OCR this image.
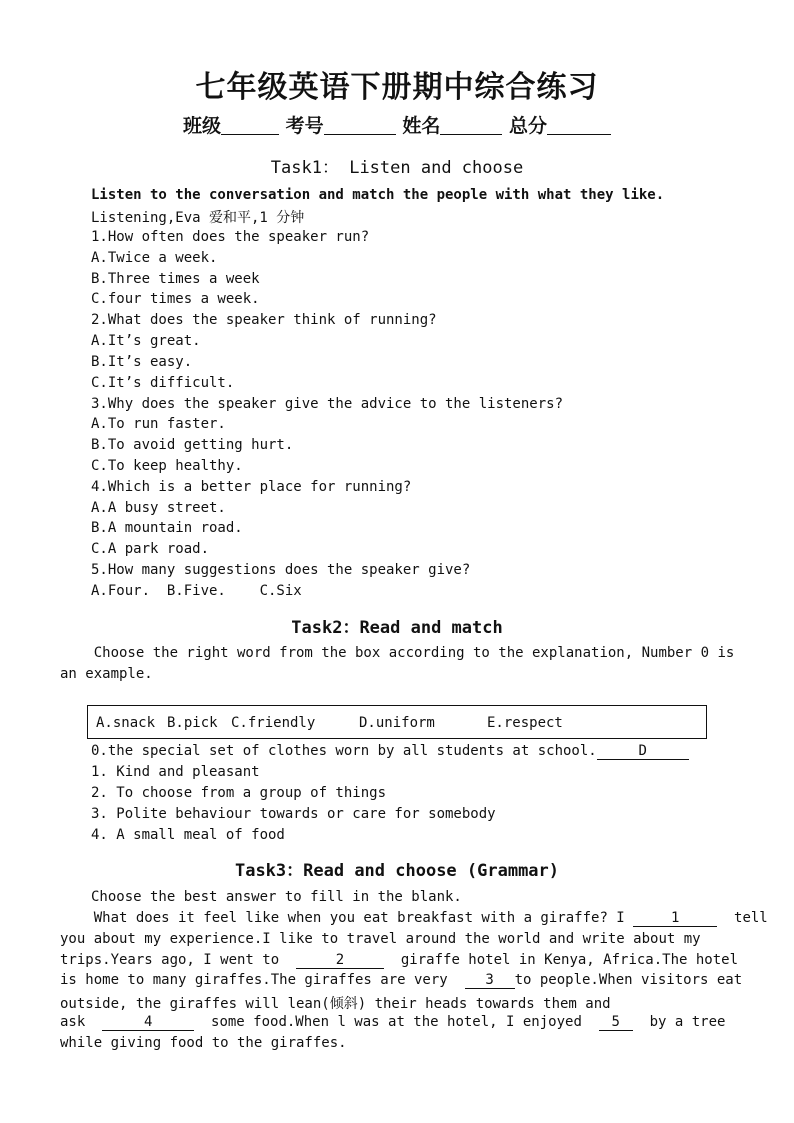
七年级英语下册期中综合练习
班级	考号	姓名	总分
Task1： Listen and choose
Listen to the conversation and match the people with what they like.
Listening,Eva 爱和平,1 分钟
1.How often does the speaker run?
A.Twice a week.
B.Three times a week
C.four times a week.
2.What does the speaker think of running?
A.It’s great.
B.It’s easy.
C.It’s difficult.
3.Why does the speaker give the advice to the listeners?
A.To run faster.
B.To avoid getting hurt.
C.To keep healthy.
4.Which is a better place for running?
A.A busy street.
B.A mountain road.
C.A park road.
5.How many suggestions does the speaker give?
A.Four.  B.Five.    C.Six
Task2：Read and match
Choose the right word from the box according to the explanation, Number 0 is
an example.
A.snack B.pick C.friendly	D.uniform	E.respect
0.the special set of clothes worn by all students at school.	D
1. Kind and pleasant
2. To choose from a group of things
3. Polite behaviour towards or care for somebody
4. A small meal of food
Task3：Read and choose (Grammar)
Choose the best answer to fill in the blank.
What does it feel like when you eat breakfast with a giraffe? I	1	tell
you about my experience.I like to travel around the world and write about my
trips.Years ago, I went to	2	giraffe hotel in Kenya, Africa.The hotel
is home to many giraffes.The giraffes are very  3 to people.When visitors eat
outside, the giraffes will lean(倾斜) their heads towards them and
ask	4	some food.When l was at the hotel, I enjoyed  5  by a tree
while giving food to the giraffes.
